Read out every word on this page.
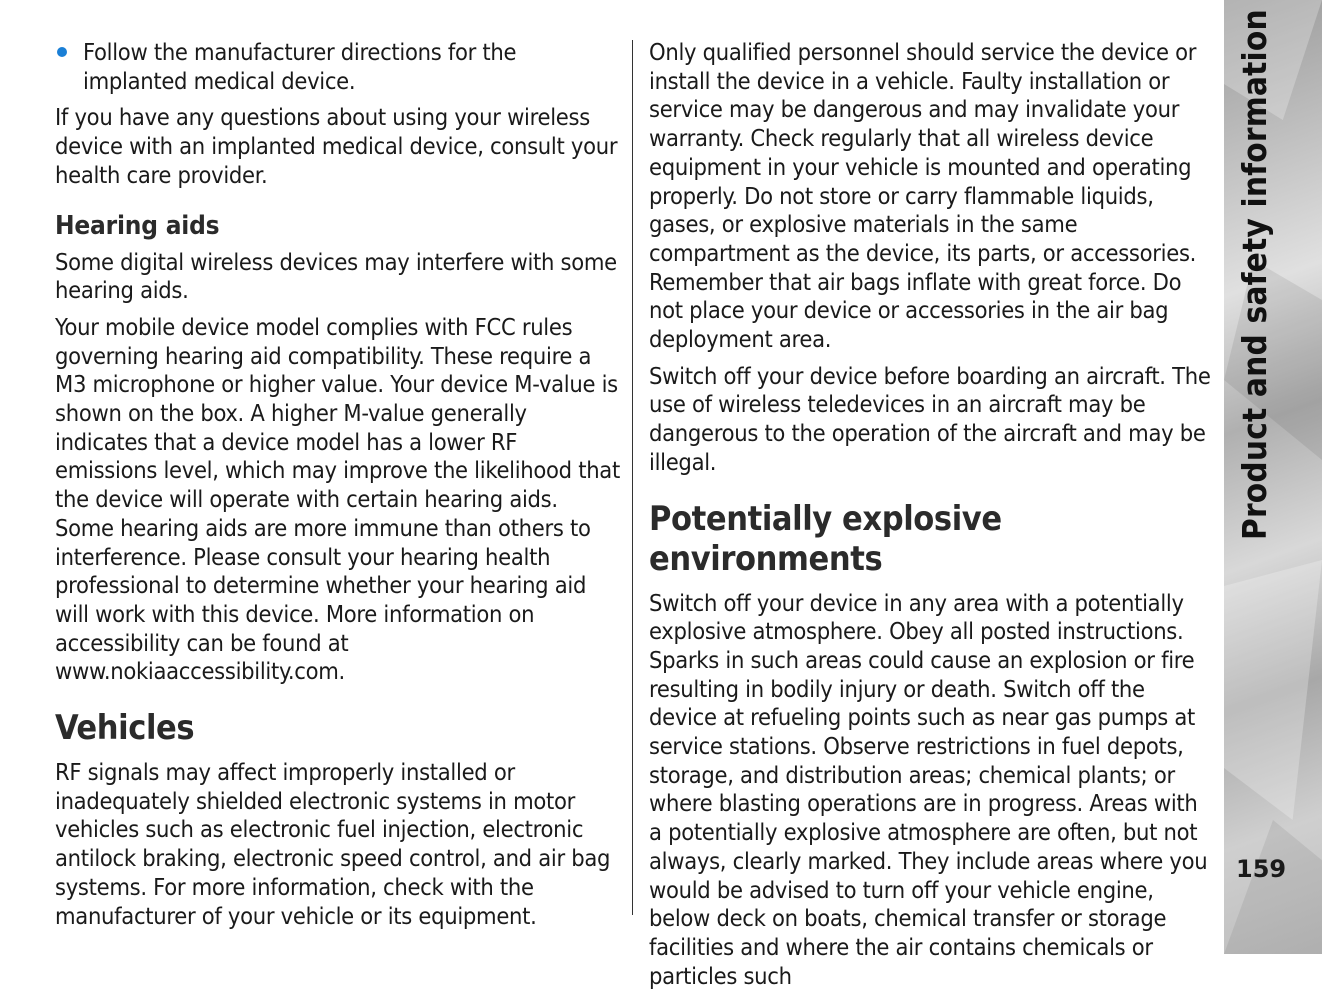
Follow the manufacturer directions for the implanted medical device.

If you have any questions about using your wireless device with an implanted medical device, consult your health care provider.

Hearing aids

Some digital wireless devices may interfere with some hearing aids.

Your mobile device model complies with FCC rules governing hearing aid compatibility. These require a M3 microphone or higher value. Your device M-value is shown on the box. A higher M-value generally indicates that a device model has a lower RF emissions level, which may improve the likelihood that the device will operate with certain hearing aids. Some hearing aids are more immune than others to interference. Please consult your hearing health professional to determine whether your hearing aid will work with this device. More information on accessibility can be found at www.nokiaaccessibility.com.

Vehicles

RF signals may affect improperly installed or inadequately shielded electronic systems in motor vehicles such as electronic fuel injection, electronic antilock braking, electronic speed control, and air bag systems. For more information, check with the manufacturer of your vehicle or its equipment.

Only qualified personnel should service the device or install the device in a vehicle. Faulty installation or service may be dangerous and may invalidate your warranty. Check regularly that all wireless device equipment in your vehicle is mounted and operating properly. Do not store or carry flammable liquids, gases, or explosive materials in the same compartment as the device, its parts, or accessories. Remember that air bags inflate with great force. Do not place your device or accessories in the air bag deployment area.

Switch off your device before boarding an aircraft. The use of wireless teledevices in an aircraft may be dangerous to the operation of the aircraft and may be illegal.

Potentially explosive environments

Switch off your device in any area with a potentially explosive atmosphere. Obey all posted instructions. Sparks in such areas could cause an explosion or fire resulting in bodily injury or death. Switch off the device at refueling points such as near gas pumps at service stations. Observe restrictions in fuel depots, storage, and distribution areas; chemical plants; or where blasting operations are in progress. Areas with a potentially explosive atmosphere are often, but not always, clearly marked. They include areas where you would be advised to turn off your vehicle engine, below deck on boats, chemical transfer or storage facilities and where the air contains chemicals or particles such

Product and safety information
159
